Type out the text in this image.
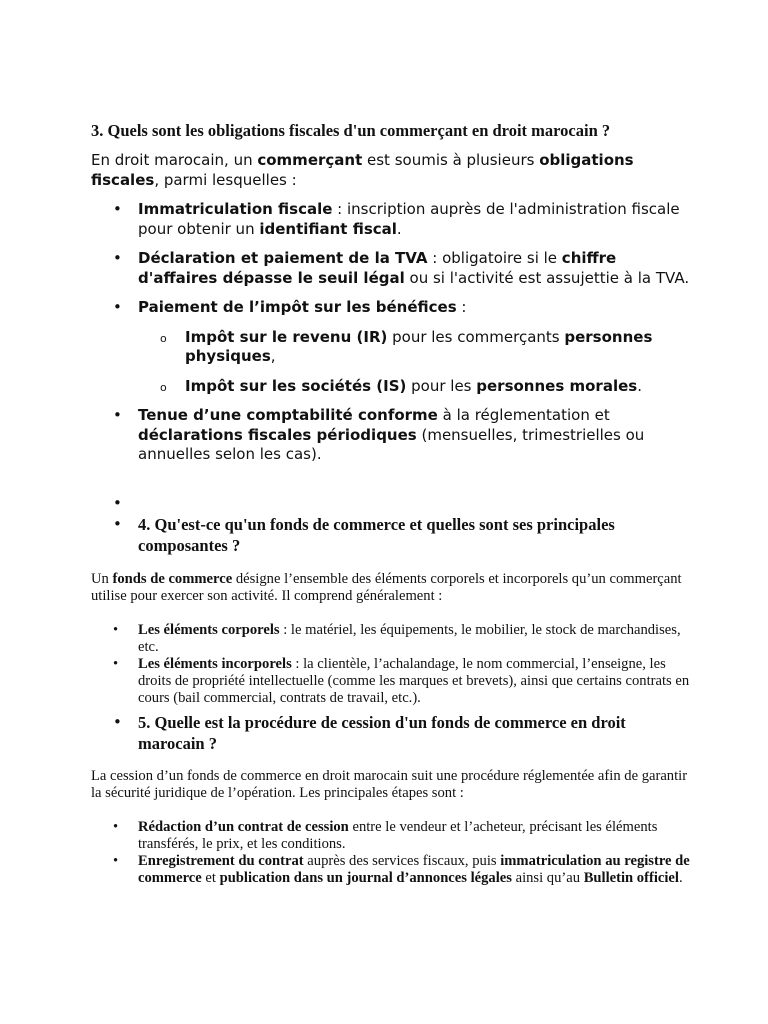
3. Quels sont les obligations fiscales d'un commerçant en droit marocain ?

En droit marocain, un commerçant est soumis à plusieurs obligations fiscales, parmi lesquelles :

• Immatriculation fiscale : inscription auprès de l'administration fiscale pour obtenir un identifiant fiscal.
• Déclaration et paiement de la TVA : obligatoire si le chiffre d'affaires dépasse le seuil légal ou si l'activité est assujettie à la TVA.
• Paiement de l’impôt sur les bénéfices :
o Impôt sur le revenu (IR) pour les commerçants personnes physiques,
o Impôt sur les sociétés (IS) pour les personnes morales.
• Tenue d’une comptabilité conforme à la réglementation et déclarations fiscales périodiques (mensuelles, trimestrielles ou annuelles selon les cas).
•
• 4. Qu'est-ce qu'un fonds de commerce et quelles sont ses principales composantes ?

Un fonds de commerce désigne l’ensemble des éléments corporels et incorporels qu’un commerçant utilise pour exercer son activité. Il comprend généralement :

• Les éléments corporels : le matériel, les équipements, le mobilier, le stock de marchandises, etc.
• Les éléments incorporels : la clientèle, l’achalandage, le nom commercial, l’enseigne, les droits de propriété intellectuelle (comme les marques et brevets), ainsi que certains contrats en cours (bail commercial, contrats de travail, etc.).
• 5. Quelle est la procédure de cession d'un fonds de commerce en droit marocain ?

La cession d’un fonds de commerce en droit marocain suit une procédure réglementée afin de garantir la sécurité juridique de l’opération. Les principales étapes sont :

• Rédaction d’un contrat de cession entre le vendeur et l’acheteur, précisant les éléments transférés, le prix, et les conditions.
• Enregistrement du contrat auprès des services fiscaux, puis immatriculation au registre de commerce et publication dans un journal d’annonces légales ainsi qu’au Bulletin officiel.
